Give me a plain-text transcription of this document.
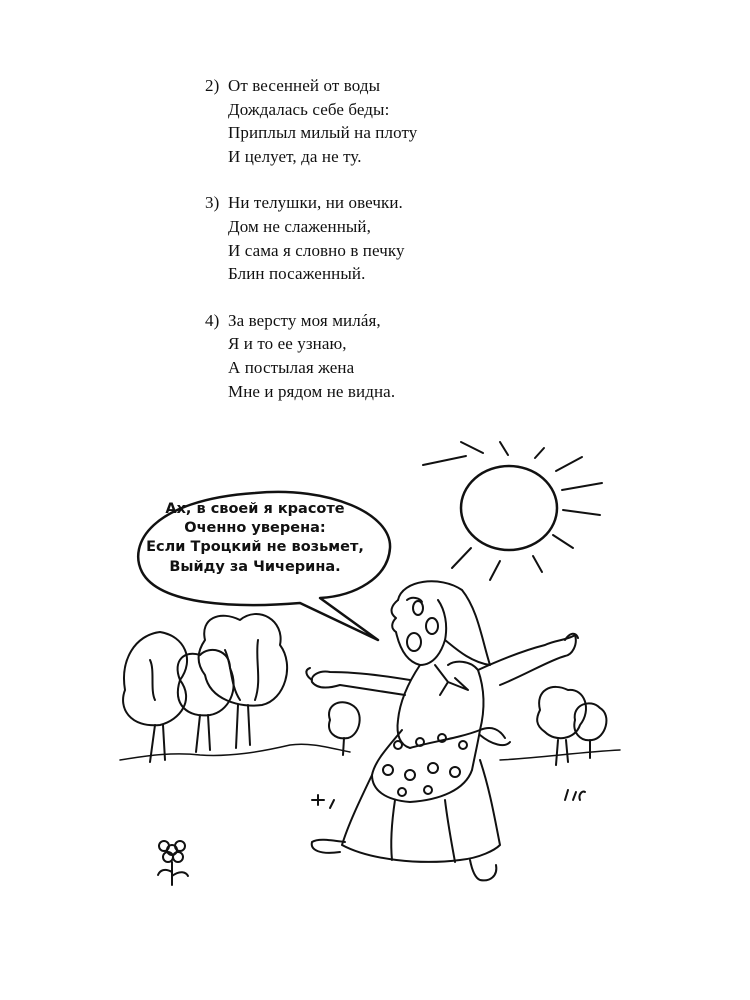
2) От весенней от воды
Дождалась себе беды:
Приплыл милый на плоту
И целует, да не ту.
3) Ни телушки, ни овечки.
Дом не слаженный,
И сама я словно в печку
Блин посаженный.
4) За версту моя милáя,
Я и то ее узнаю,
А постылая жена
Мне и рядом не видна.
Ах, в своей я красоте
Оченно уверена:
Если Троцкий не возьмет,
Выйду за Чичерина.
